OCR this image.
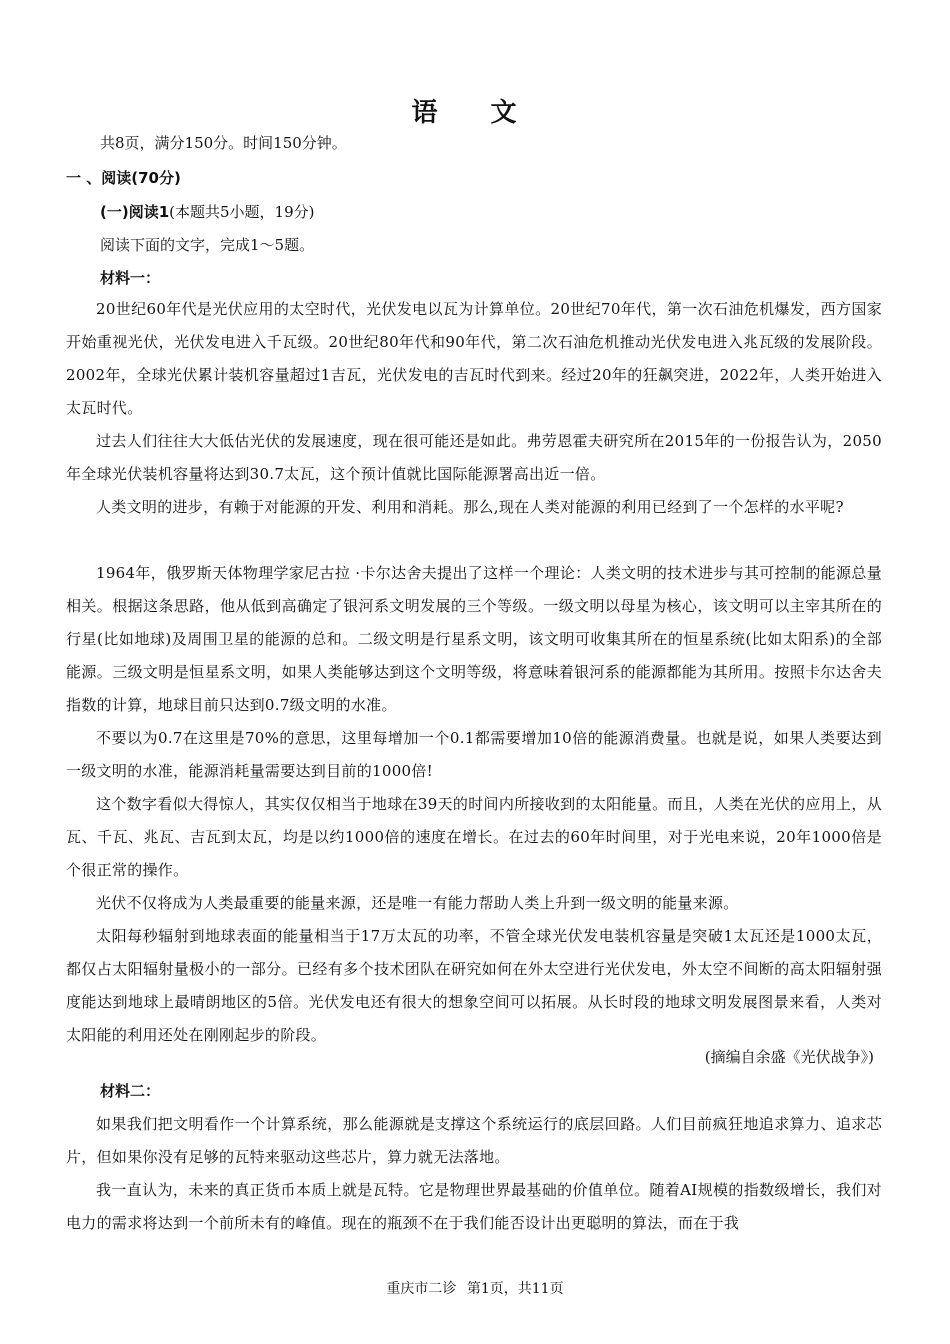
语 文
共8页，满分150分。时间150分钟。
一 、阅读(70分)
(一)阅读1(本题共5小题，19分)
阅读下面的文字，完成1～5题。
材料一：
20世纪60年代是光伏应用的太空时代，光伏发电以瓦为计算单位。20世纪70年代，第一次石油危机爆发，西方国家开始重视光伏，光伏发电进入千瓦级。20世纪80年代和90年代，第二次石油危机推动光伏发电进入兆瓦级的发展阶段。2002年，全球光伏累计装机容量超过1吉瓦，光伏发电的吉瓦时代到来。经过20年的狂飙突进，2022年，人类开始进入太瓦时代。
过去人们往往大大低估光伏的发展速度，现在很可能还是如此。弗劳恩霍夫研究所在2015年的一份报告认为，2050年全球光伏装机容量将达到30.7太瓦，这个预计值就比国际能源署高出近一倍。
人类文明的进步，有赖于对能源的开发、利用和消耗。那么,现在人类对能源的利用已经到了一个怎样的水平呢?
1964年，俄罗斯天体物理学家尼古拉 ·卡尔达舍夫提出了这样一个理论：人类文明的技术进步与其可控制的能源总量相关。根据这条思路，他从低到高确定了银河系文明发展的三个等级。一级文明以母星为核心，该文明可以主宰其所在的行星(比如地球)及周围卫星的能源的总和。二级文明是行星系文明，该文明可收集其所在的恒星系统(比如太阳系)的全部能源。三级文明是恒星系文明，如果人类能够达到这个文明等级，将意味着银河系的能源都能为其所用。按照卡尔达舍夫指数的计算，地球目前只达到0.7级文明的水准。
不要以为0.7在这里是70%的意思，这里每增加一个0.1都需要增加10倍的能源消费量。也就是说，如果人类要达到一级文明的水准，能源消耗量需要达到目前的1000倍!
这个数字看似大得惊人，其实仅仅相当于地球在39天的时间内所接收到的太阳能量。而且，人类在光伏的应用上，从瓦、千瓦、兆瓦、吉瓦到太瓦，均是以约1000倍的速度在增长。在过去的60年时间里，对于光电来说，20年1000倍是个很正常的操作。
光伏不仅将成为人类最重要的能量来源，还是唯一有能力帮助人类上升到一级文明的能量来源。
太阳每秒辐射到地球表面的能量相当于17万太瓦的功率，不管全球光伏发电装机容量是突破1太瓦还是1000太瓦，都仅占太阳辐射量极小的一部分。已经有多个技术团队在研究如何在外太空进行光伏发电，外太空不间断的高太阳辐射强度能达到地球上最晴朗地区的5倍。光伏发电还有很大的想象空间可以拓展。从长时段的地球文明发展图景来看，人类对太阳能的利用还处在刚刚起步的阶段。
(摘编自余盛《光伏战争》)
材料二：
如果我们把文明看作一个计算系统，那么能源就是支撑这个系统运行的底层回路。人们目前疯狂地追求算力、追求芯片，但如果你没有足够的瓦特来驱动这些芯片，算力就无法落地。
我一直认为，未来的真正货币本质上就是瓦特。它是物理世界最基础的价值单位。随着AI规模的指数级增长，我们对电力的需求将达到一个前所未有的峰值。现在的瓶颈不在于我们能否设计出更聪明的算法，而在于我
重庆市二诊 第1页，共11页
